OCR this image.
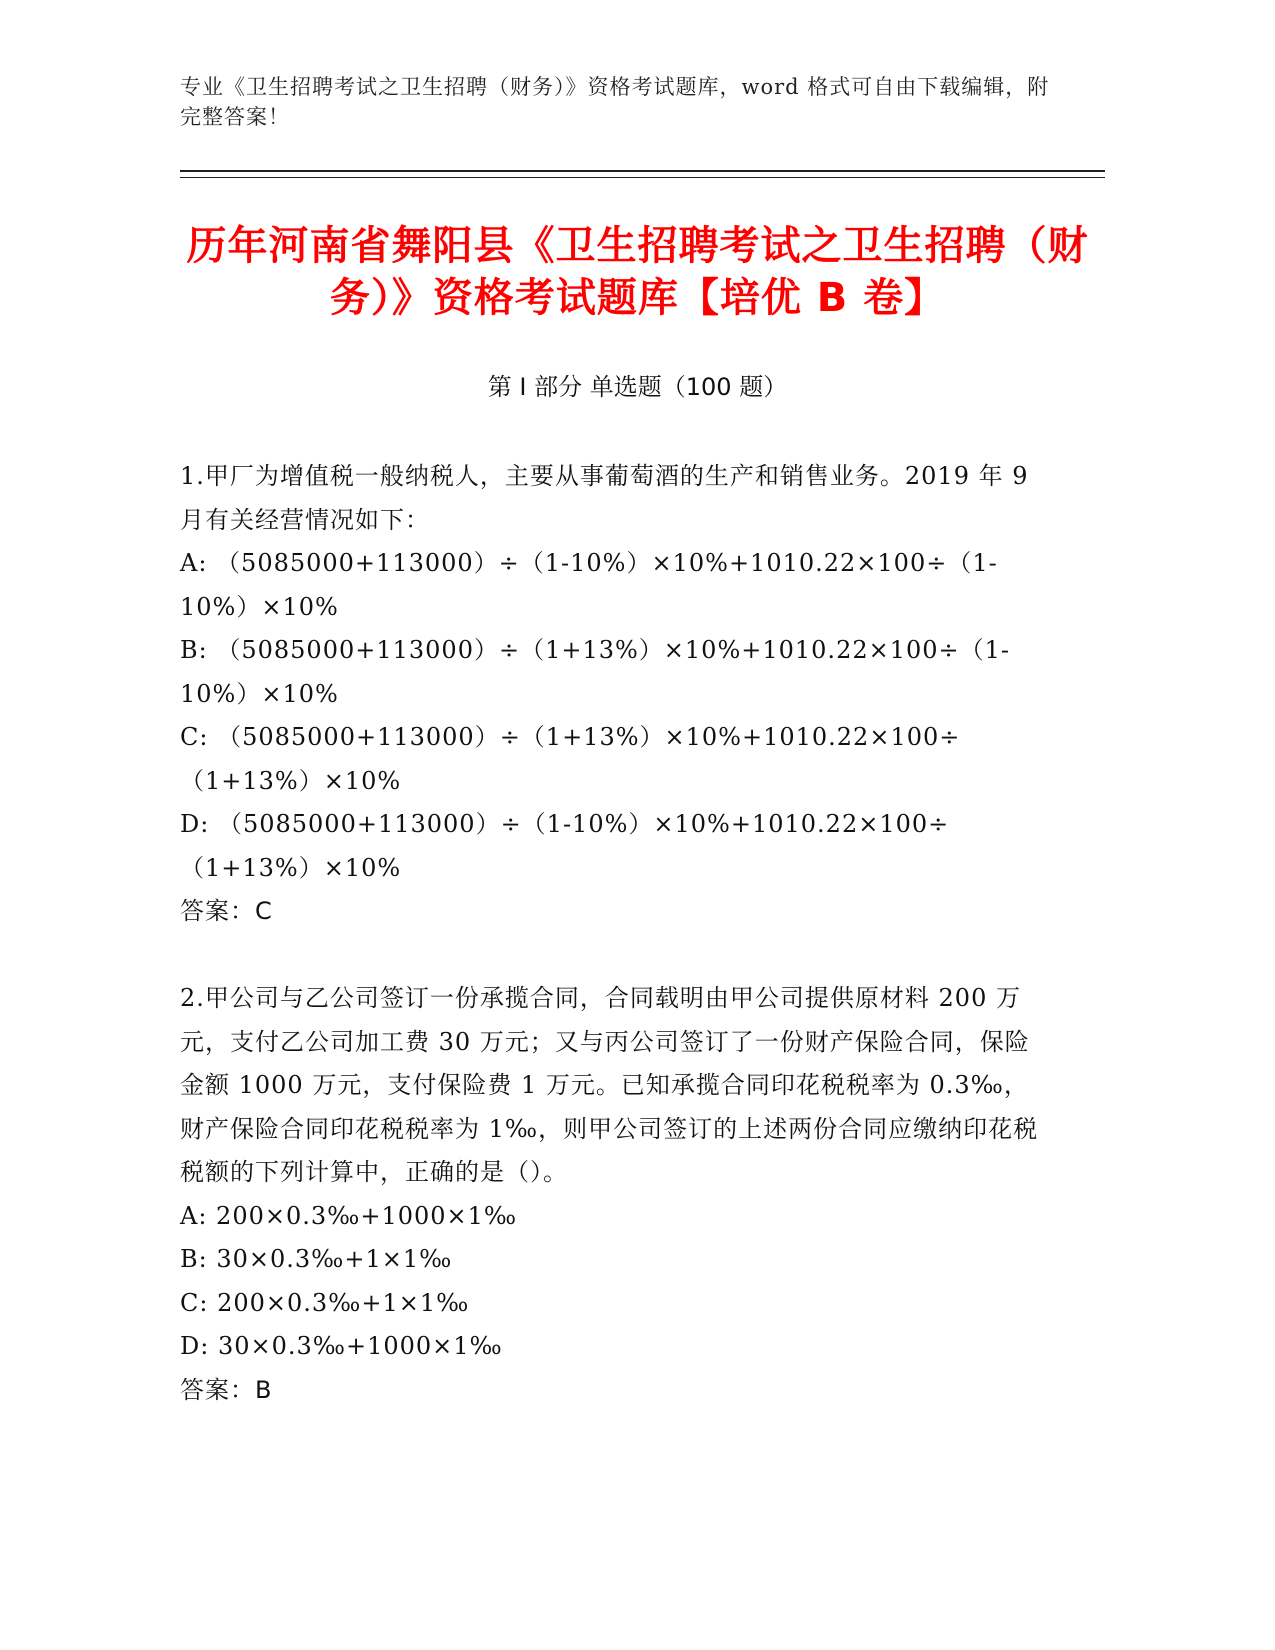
专业《卫生招聘考试之卫生招聘（财务）》资格考试题库，word 格式可自由下载编辑，附完整答案！
历年河南省舞阳县《卫生招聘考试之卫生招聘（财务）》资格考试题库【培优 B 卷】
第 I 部分 单选题（100 题）

1.甲厂为增值税一般纳税人，主要从事葡萄酒的生产和销售业务。2019 年 9 月有关经营情况如下：

A: （5085000+113000）÷（1-10%）×10%+1010.22×100÷（1-10%）×10%

B: （5085000+113000）÷（1+13%）×10%+1010.22×100÷（1-10%）×10%

C: （5085000+113000）÷（1+13%）×10%+1010.22×100÷（1+13%）×10%

D: （5085000+113000）÷（1-10%）×10%+1010.22×100÷（1+13%）×10%

答案：C

2.甲公司与乙公司签订一份承揽合同，合同载明由甲公司提供原材料 200 万元，支付乙公司加工费 30 万元；又与丙公司签订了一份财产保险合同，保险金额 1000 万元，支付保险费 1 万元。已知承揽合同印花税税率为 0.3‰，财产保险合同印花税税率为 1‰，则甲公司签订的上述两份合同应缴纳印花税税额的下列计算中，正确的是（）。

A: 200×0.3‰+1000×1‰

B: 30×0.3‰+1×1‰

C: 200×0.3‰+1×1‰

D: 30×0.3‰+1000×1‰

答案：B
